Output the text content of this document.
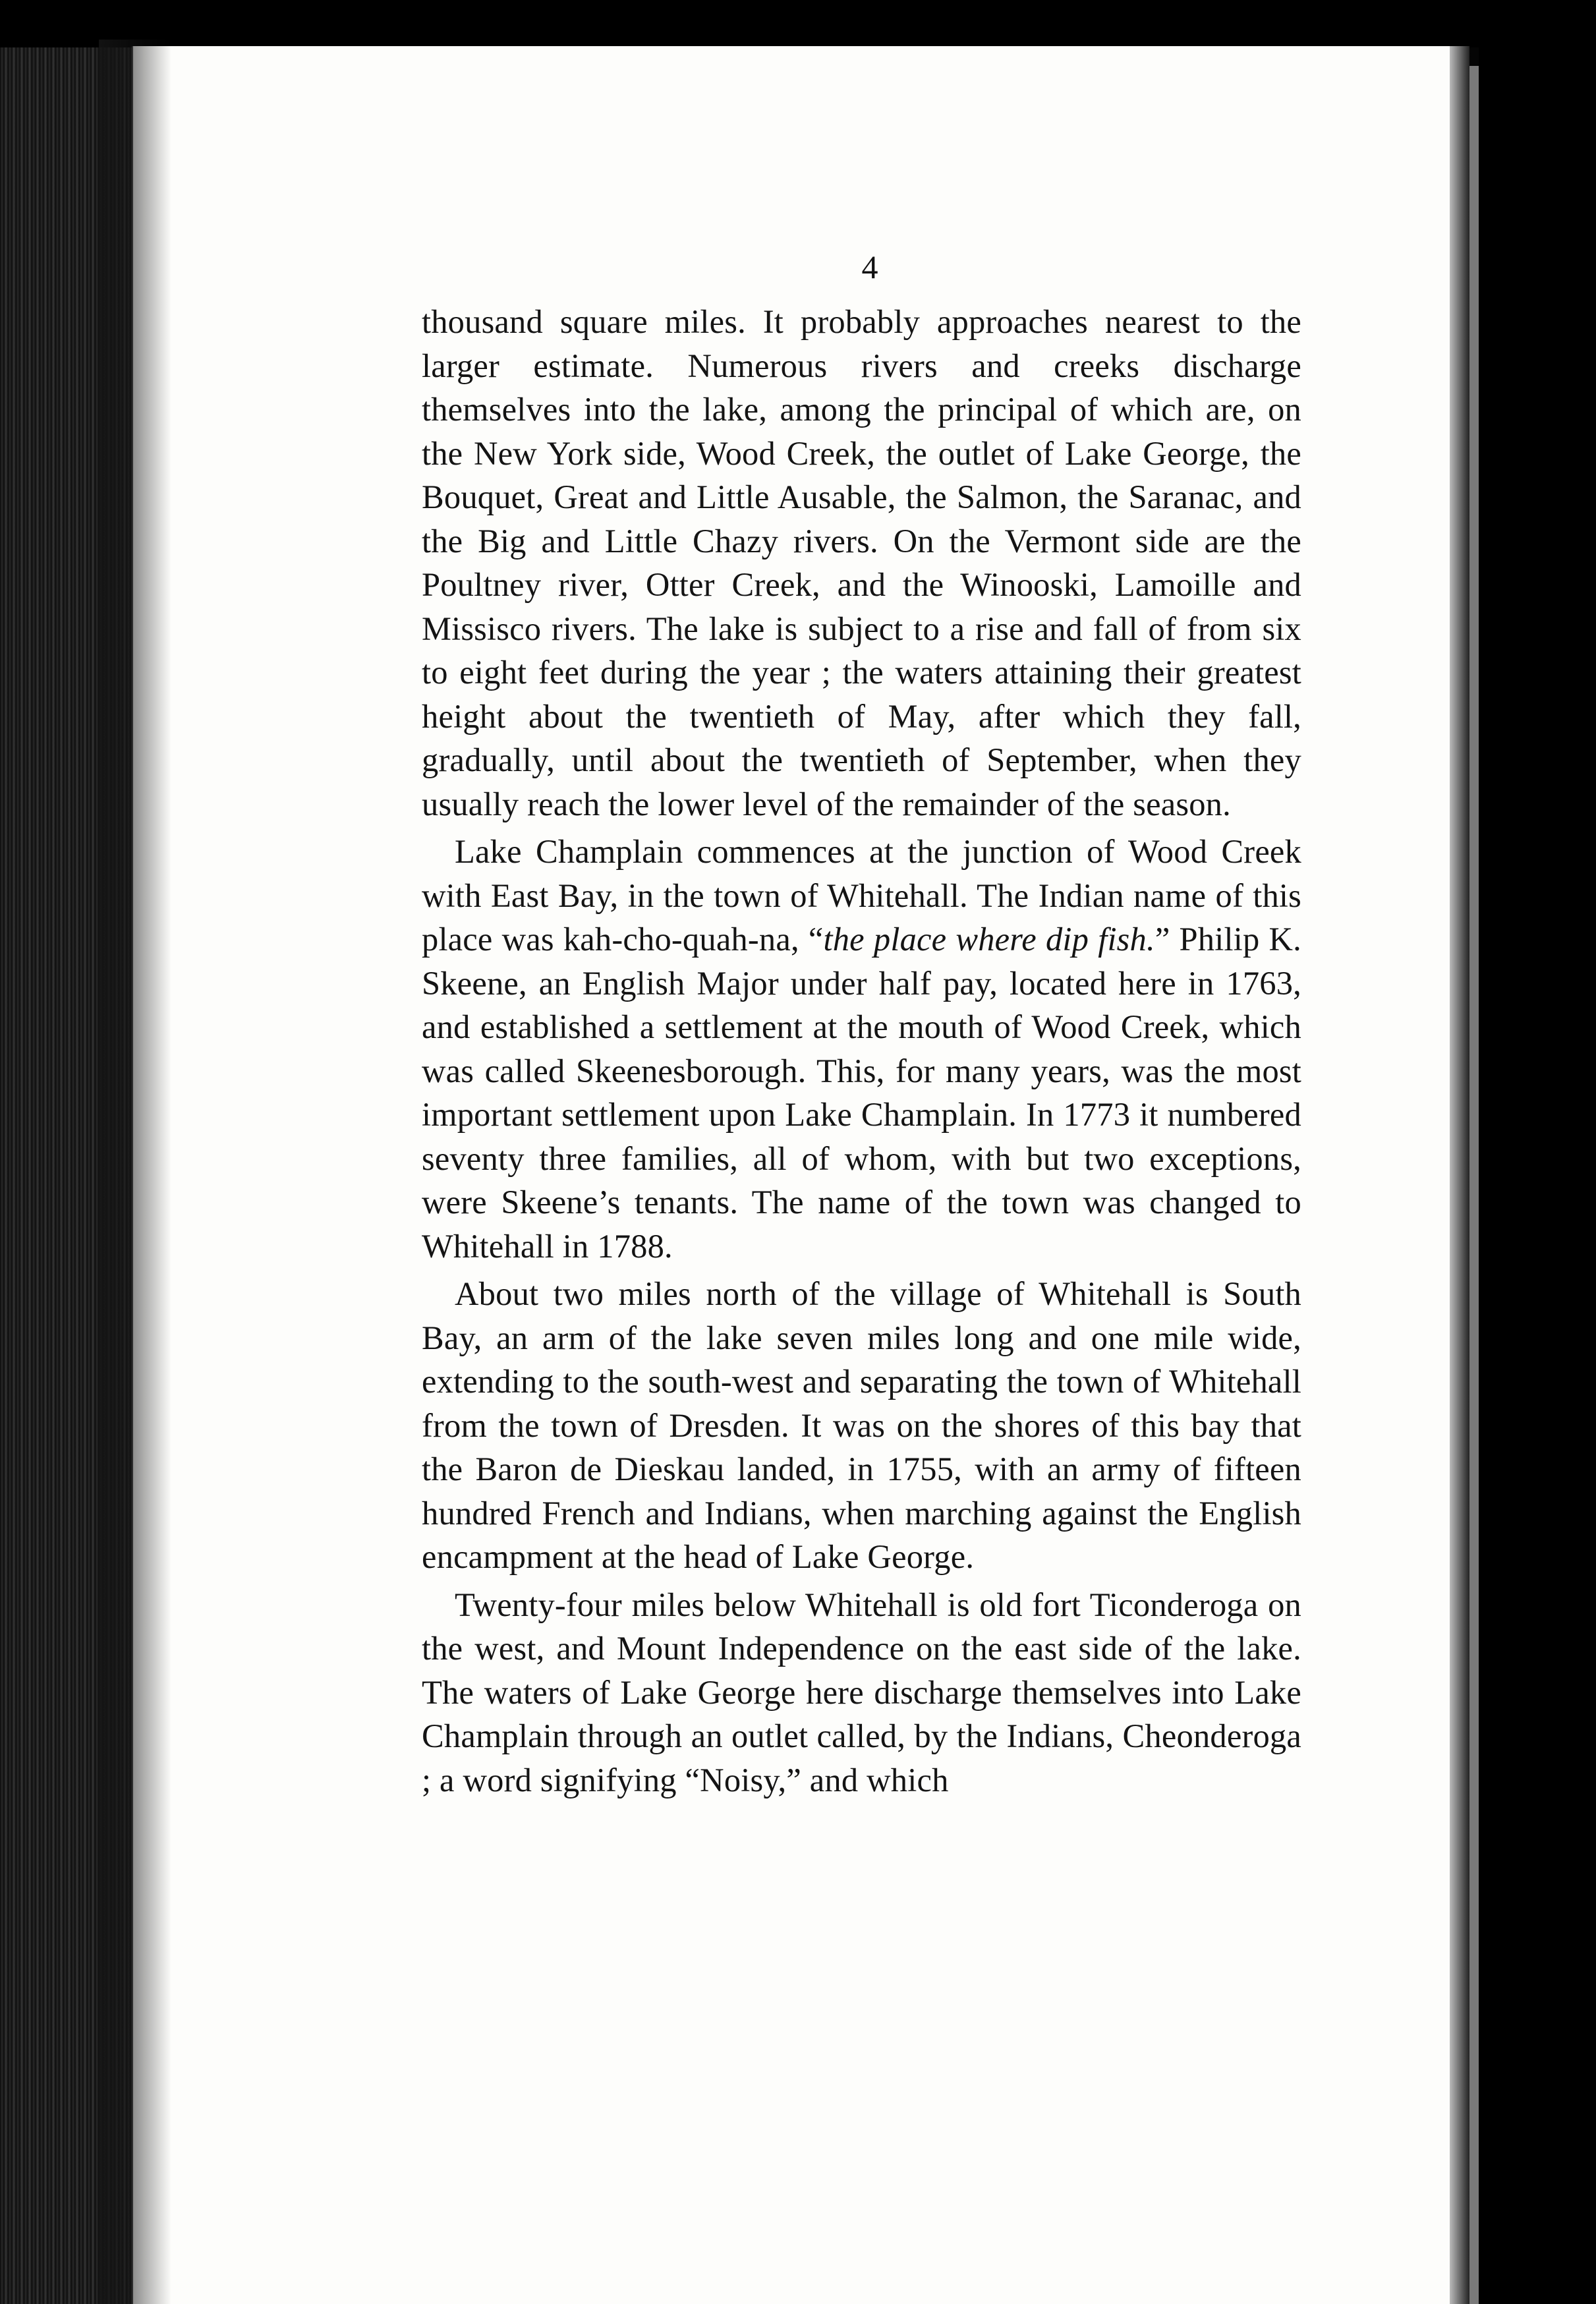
4

thousand square miles. It probably approaches nearest to the larger estimate. Numerous rivers and creeks discharge themselves into the lake, among the principal of which are, on the New York side, Wood Creek, the outlet of Lake George, the Bouquet, Great and Little Ausable, the Salmon, the Saranac, and the Big and Little Chazy rivers. On the Vermont side are the Poultney river, Otter Creek, and the Winooski, Lamoille and Missisco rivers. The lake is subject to a rise and fall of from six to eight feet during the year ; the waters attaining their greatest height about the twentieth of May, after which they fall, gradually, until about the twentieth of September, when they usually reach the lower level of the remainder of the season.

Lake Champlain commences at the junction of Wood Creek with East Bay, in the town of Whitehall. The Indian name of this place was kah-cho-quah-na, “the place where dip fish.” Philip K. Skeene, an English Major under half pay, located here in 1763, and established a settlement at the mouth of Wood Creek, which was called Skeenesborough. This, for many years, was the most important settlement upon Lake Champlain. In 1773 it numbered seventy three families, all of whom, with but two exceptions, were Skeene’s tenants. The name of the town was changed to Whitehall in 1788.

About two miles north of the village of Whitehall is South Bay, an arm of the lake seven miles long and one mile wide, extending to the south-west and separating the town of Whitehall from the town of Dresden. It was on the shores of this bay that the Baron de Dieskau landed, in 1755, with an army of fifteen hundred French and Indians, when marching against the English encampment at the head of Lake George.

Twenty-four miles below Whitehall is old fort Ticonderoga on the west, and Mount Independence on the east side of the lake. The waters of Lake George here discharge themselves into Lake Champlain through an outlet called, by the Indians, Cheonderoga ; a word signifying “Noisy,” and which
